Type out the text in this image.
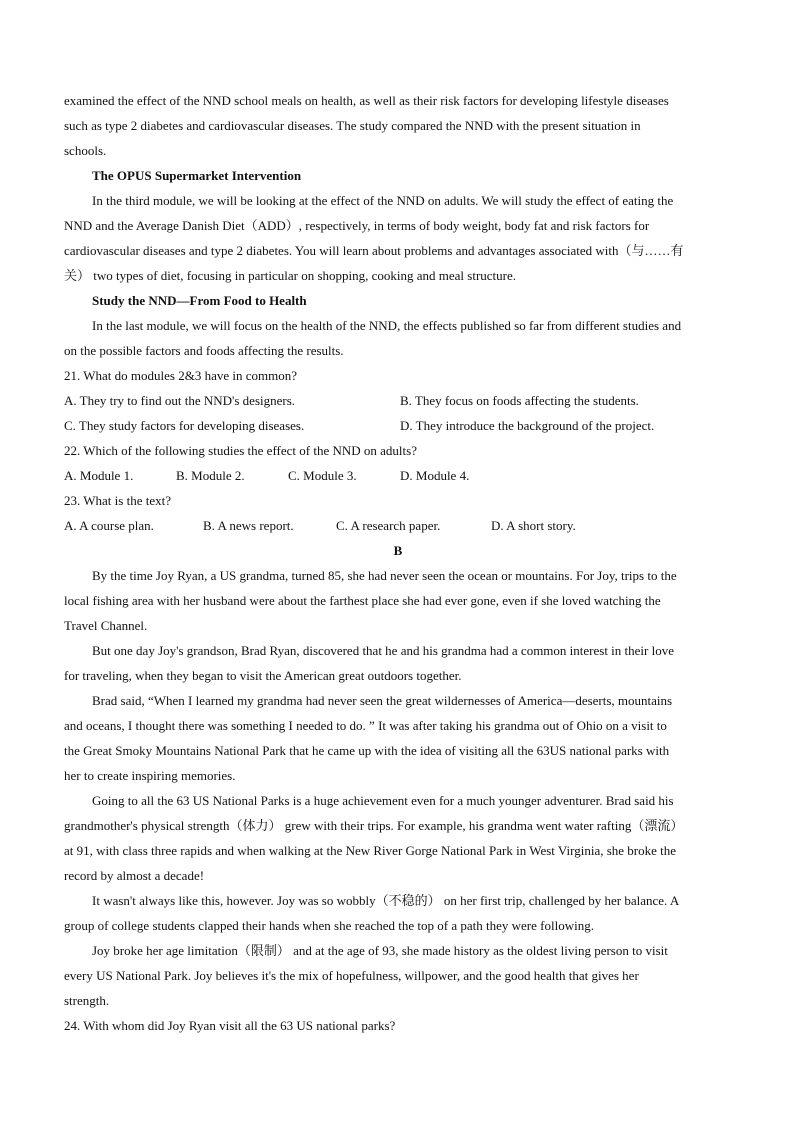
examined the effect of the NND school meals on health, as well as their risk factors for developing lifestyle diseases
such as type 2 diabetes and cardiovascular diseases. The study compared the NND with the present situation in
schools.
The OPUS Supermarket Intervention
In the third module, we will be looking at the effect of the NND on adults. We will study the effect of eating the
NND and the Average Danish Diet（ADD）, respectively, in terms of body weight, body fat and risk factors for
cardiovascular diseases and type 2 diabetes. You will learn about problems and advantages associated with（与……有
关） two types of diet, focusing in particular on shopping, cooking and meal structure.
Study the NND—From Food to Health
In the last module, we will focus on the health of the NND, the effects published so far from different studies and
on the possible factors and foods affecting the results.
21. What do modules 2&3 have in common?
A. They try to find out the NND's designers.	B. They focus on foods affecting the students.
C. They study factors for developing diseases.	D. They introduce the background of the project.
22. Which of the following studies the effect of the NND on adults?
A. Module 1.	B. Module 2.	C. Module 3.	D. Module 4.
23. What is the text?
A. A course plan.	B. A news report.	C. A research paper.	D. A short story.
B
By the time Joy Ryan, a US grandma, turned 85, she had never seen the ocean or mountains. For Joy, trips to the
local fishing area with her husband were about the farthest place she had ever gone, even if she loved watching the
Travel Channel.
But one day Joy's grandson, Brad Ryan, discovered that he and his grandma had a common interest in their love
for traveling, when they began to visit the American great outdoors together.
Brad said, “When I learned my grandma had never seen the great wildernesses of America—deserts, mountains
and oceans, I thought there was something I needed to do. ” It was after taking his grandma out of Ohio on a visit to
the Great Smoky Mountains National Park that he came up with the idea of visiting all the 63US national parks with
her to create inspiring memories.
Going to all the 63 US National Parks is a huge achievement even for a much younger adventurer. Brad said his
grandmother's physical strength（体力） grew with their trips. For example, his grandma went water rafting（漂流）
at 91, with class three rapids and when walking at the New River Gorge National Park in West Virginia, she broke the
record by almost a decade!
It wasn't always like this, however. Joy was so wobbly（不稳的） on her first trip, challenged by her balance. A
group of college students clapped their hands when she reached the top of a path they were following.
Joy broke her age limitation（限制） and at the age of 93, she made history as the oldest living person to visit
every US National Park. Joy believes it's the mix of hopefulness, willpower, and the good health that gives her
strength.
24. With whom did Joy Ryan visit all the 63 US national parks?
